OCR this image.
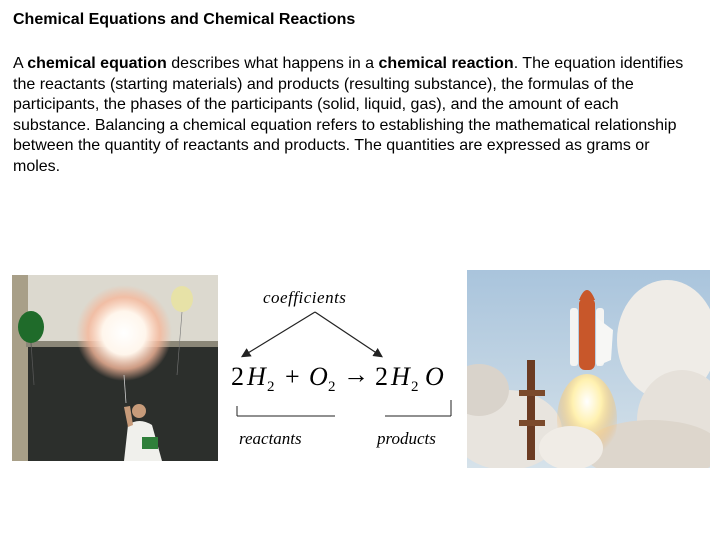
Chemical Equations and Chemical Reactions
A chemical equation describes what happens in a chemical reaction. The equation identifies the reactants (starting materials) and products (resulting substance), the formulas of the participants, the phases of the participants (solid, liquid, gas), and the amount of each substance. Balancing a chemical equation refers to establishing the mathematical relationship between the quantity of reactants and products. The quantities are expressed as grams or moles.
coefficients
2 H 2 + O 2 → 2 H 2 O
reactants	products
